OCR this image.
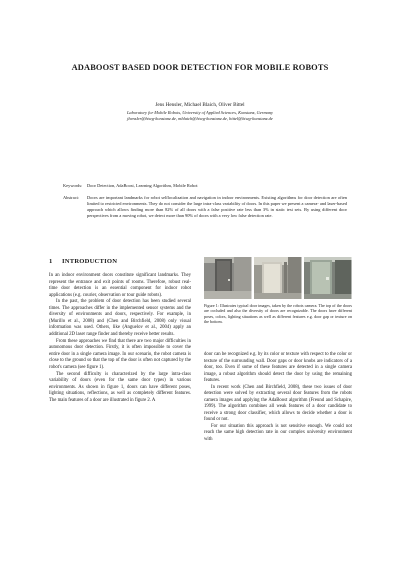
ADABOOST BASED DOOR DETECTION FOR MOBILE ROBOTS
Jens Hensler, Michael Blaich, Oliver Bittel
Laboratory for Mobile Robots, University of Applied Sciences, Konstanz, Germany
jhensler@htwg-konstanz.de, mblaich@htwg-konstanz.de, bittel@htwg-konstanz.de
Keywords:	Door Detection, AdaBoost, Learning Algorithm, Mobile Robot
Abstract: Doors are important landmarks for robot selflocalization and navigation in indoor environments. Existing algorithms for door detection are often limited to restricted environments. They do not consider the large intra-class variability of doors. In this paper we present a camera- and laser-based approach which allows finding more than 82% of all doors with a false positive rate less than 3% in static test sets. By using different door perspectives from a moving robot, we detect more than 90% of doors with a very low false detection rate.
1 INTRODUCTION

In an indoor environment doors constitute significant landmarks. They represent the entrance and exit points of rooms. Therefore, robust real-time door detection is an essential component for indoor robot applications (e.g. courier, observation or tour guide robots).

In the past, the problem of door detection has been studied several times. The approaches differ in the implemented sensor systems and the diversity of environments and doors, respectively. For example, in (Murillo et al., 2008) and (Chen and Birchfield, 2008) only visual information was used. Others, like (Anguelov et al., 2004) apply an additional 2D laser range finder and thereby receive better results.

From these approaches we find that there are two major difficulties in autonomous door detection. Firstly, it is often impossible to cover the entire door in a single camera image. In our scenario, the robot camera is close to the ground so that the top of the door is often not captured by the robot's camera (see figure 1).

The second difficulty is characterized by the large intra-class variability of doors (even for the same door types) in various environments. As shown in figure 1, doors can have different poses, lighting situations, reflections, as well as completely different features. The main features of a door are illustrated in figure 2. A

Figure 1: Illustrates typical door images, taken by the robots camera. The top of the doors are occluded and also the diversity of doors are recognizable. The doors have different poses, colors, lighting situations as well as different features e.g. door gap or texture on the bottom.

door can be recognized e.g. by its color or texture with respect to the color or texture of the surrounding wall. Door gaps or door knobs are indicators of a door, too. Even if some of these features are detected in a single camera image, a robust algorithm should detect the door by using the remaining features.

In recent work (Chen and Birchfield, 2008), these two issues of door detection were solved by extracting several door features from the robots camera images and applying the AdaBoost algorithm (Freund and Schapire, 1999). The algorithm combines all weak features of a door candidate to receive a strong door classifier, which allows to decide whether a door is found or not.

For our situation this approach is not sensitive enough. We could not reach the same high detection rate in our complex university environment with
